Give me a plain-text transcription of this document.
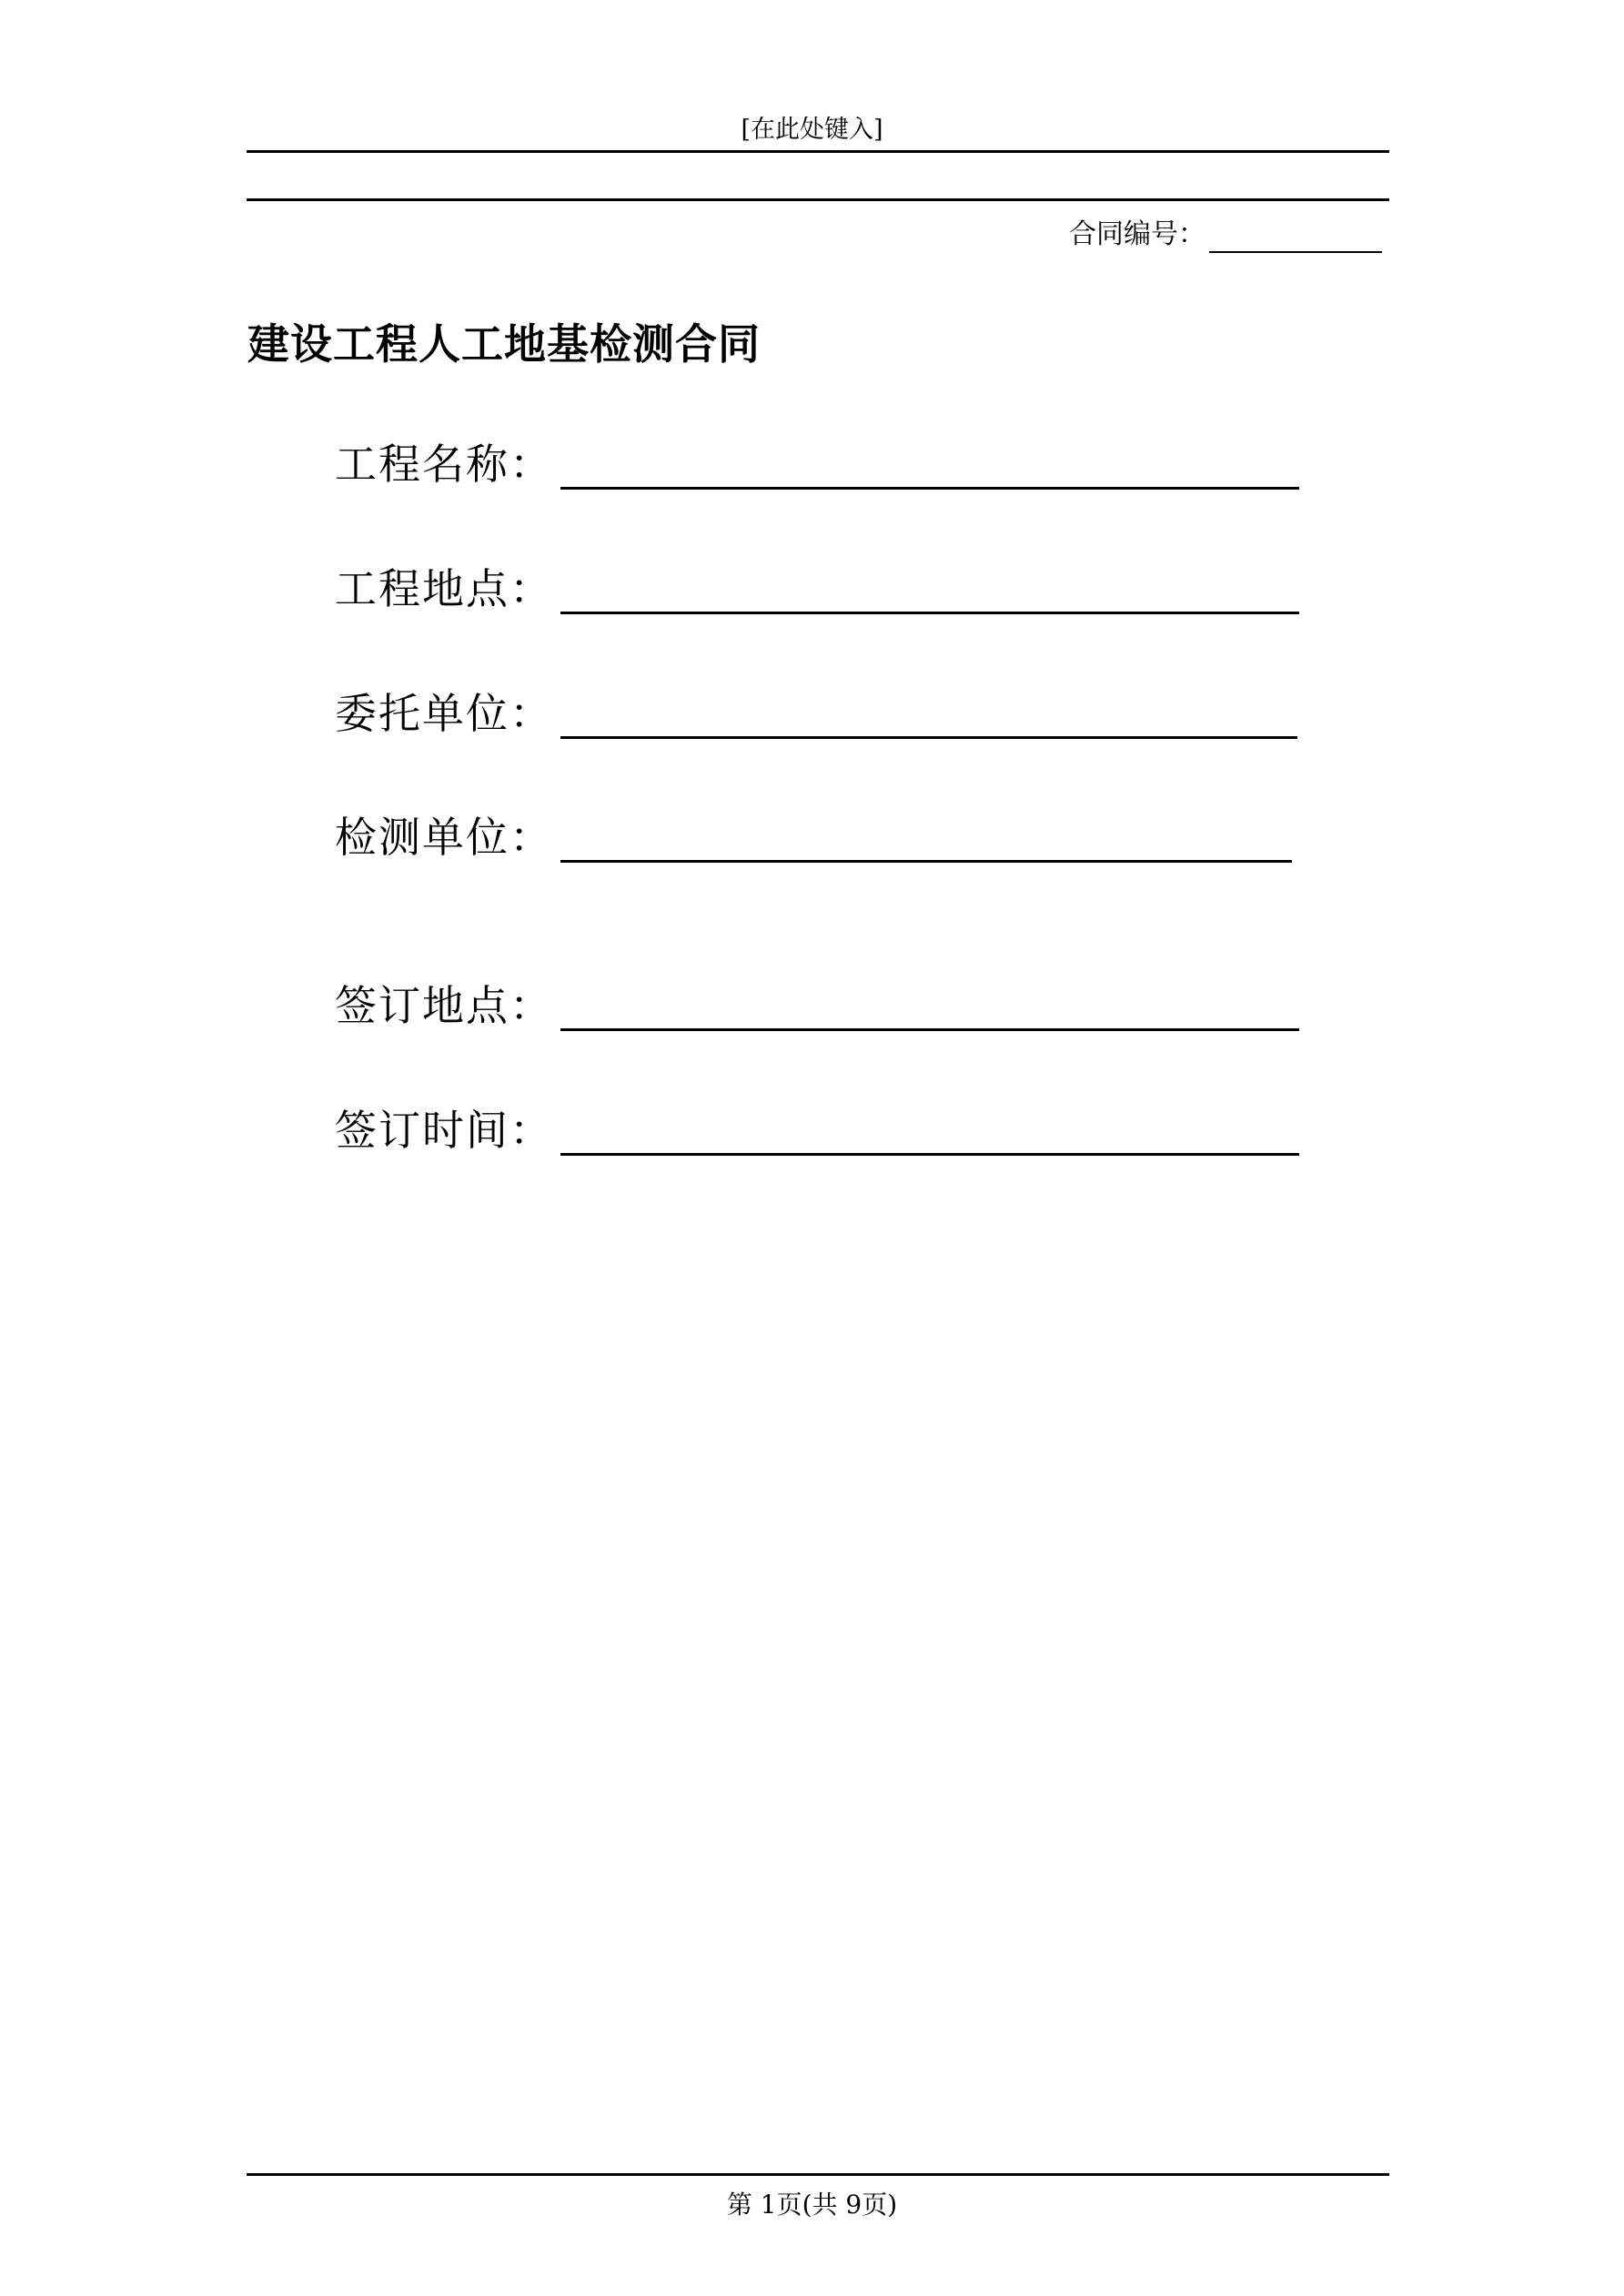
[在此处键入]
合同编号：
建设工程人工地基检测合同
工程名称：
工程地点：
委托单位：
检测单位：
签订地点：
签订时间：
第 1页(共 9页)
